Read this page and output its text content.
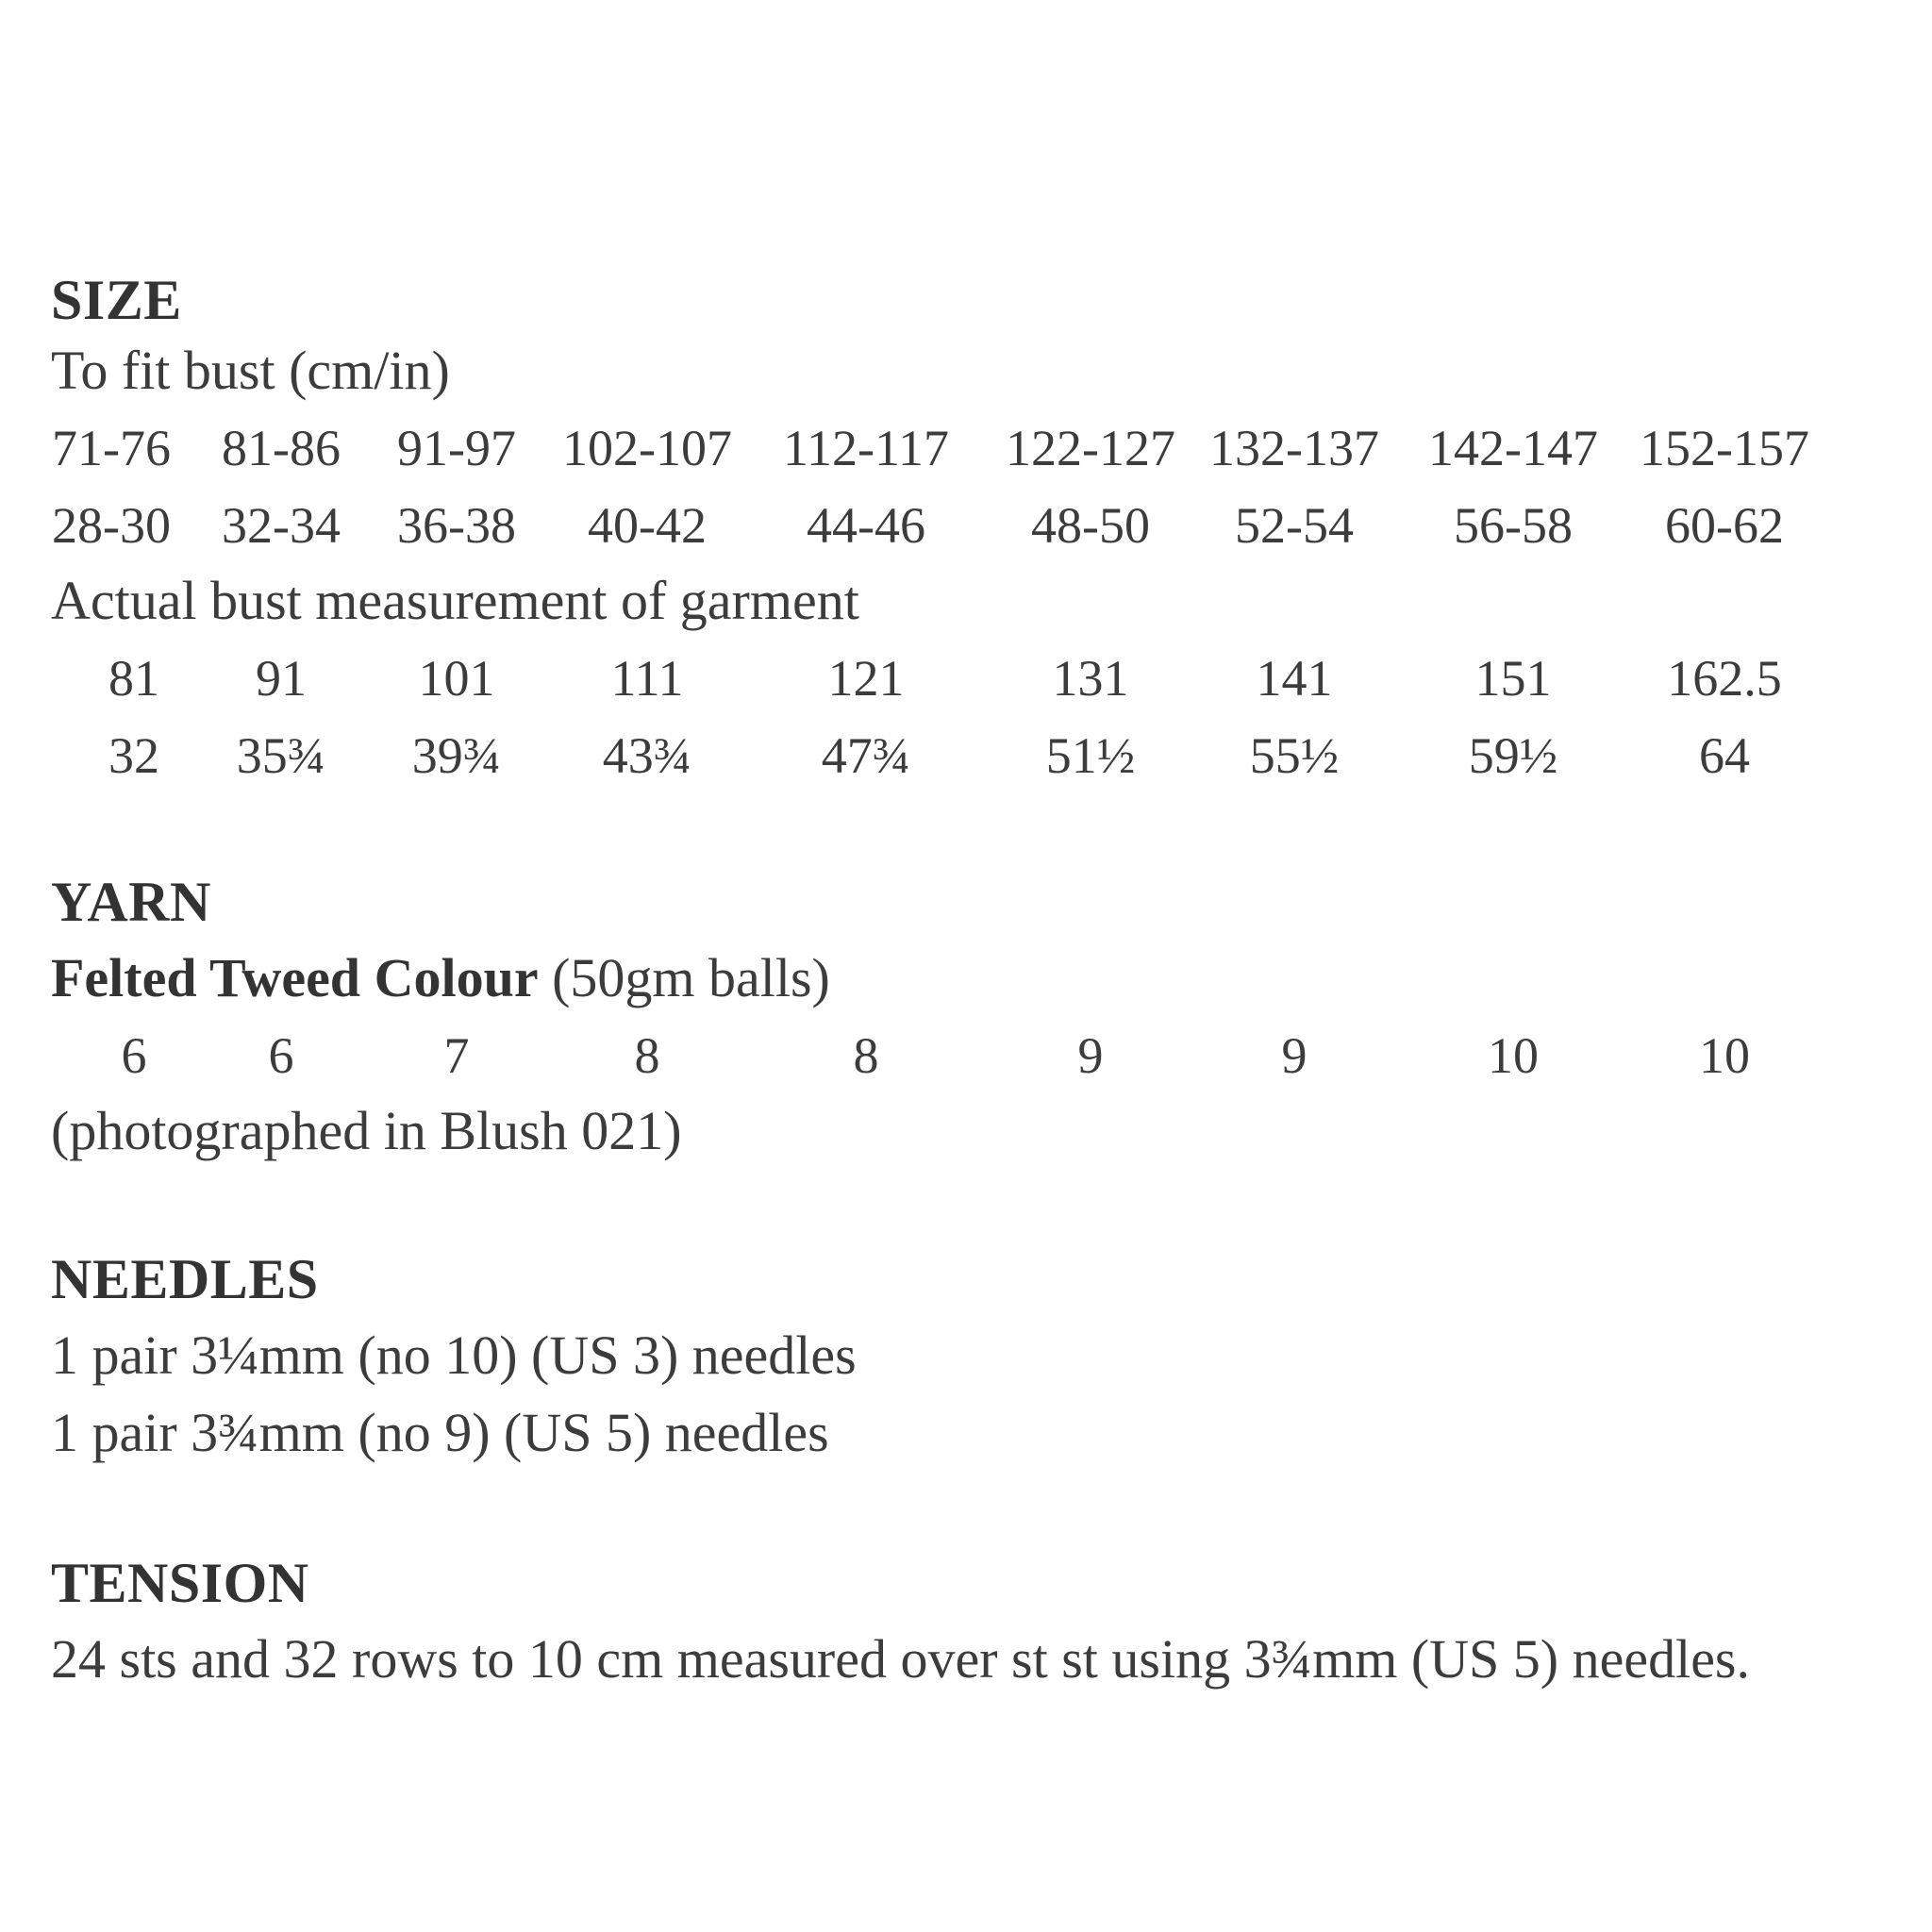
SIZE
To fit bust (cm/in)
71-76	81-86	91-97 102-107	112-117	122-127 132-137 142-147 152-157
28-30	32-34	36-38	40-42	44-46	48-50	52-54	56-58	60-62
Actual bust measurement of garment
81	91	101	111	121	131	141	151	162.5
32	35¾	39¾	43¾	47¾	51½	55½	59½	64
YARN
Felted Tweed Colour (50gm balls)
6	6	7	8	8	9	9	10	10
(photographed in Blush 021)
NEEDLES
1 pair 3¼mm (no 10) (US 3) needles
1 pair 3¾mm (no 9) (US 5) needles
TENSION
24 sts and 32 rows to 10 cm measured over st st using 3¾mm (US 5) needles.
